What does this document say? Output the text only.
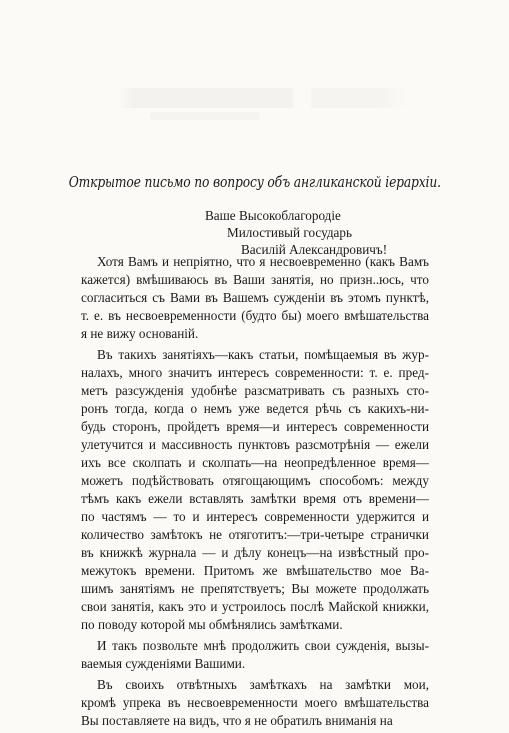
Открытое письмо по вопросу объ англиканской iерархiи.
Ваше Высокоблагородiе
Милостивый государь
Василiй Александровичъ!

Хотя Вамъ и непрiятно, что я несвоевременно (какъ Вамъ
кажется) вмѣшиваюсь въ Ваши занятiя, но призн..юсь, что
согласиться съ Вами въ Вашемъ сужденiи въ этомъ пунктѣ,
т. е. въ несвоевременности (будто бы) моего вмѣшательства
я не вижу основанiй.

Въ такихъ занятiяхъ—какъ статьи, помѣщаемыя въ жур-
налахъ, много значитъ интересъ современности: т. е. пред-
метъ разсужденiя удобнѣе разсматривать съ разныхъ сто-
ронъ тогда, когда о немъ уже ведется рѣчь съ какихъ-ни-
будь сторонъ, пройдетъ время—и интересъ современности
улетучится и массивность пунктовъ разсмотрѣнiя — ежели
ихъ все сколпать и сколпать—на неопредѣленное время—
можетъ подѣйствовать отягощающимъ способомъ: между
тѣмъ какъ ежели вставлять замѣтки время отъ времени—
по частямъ — то и интересъ современности удержится и
количество замѣтокъ не отяготитъ:—три-четыре странички
въ книжкѣ журнала — и дѣлу конецъ—на извѣстный про-
межутокъ времени. Притомъ же вмѣшательство мое Ва-
шимъ занятiямъ не препятствуетъ; Вы можете продолжать
свои занятiя, какъ это и устроилось послѣ Майской книжки,
по поводу которой мы обмѣнялись замѣтками.

И такъ позвольте мнѣ продолжить свои сужденiя, вызы-
ваемыя сужденiями Вашими.

Въ своихъ отвѣтныхъ замѣткахъ на замѣтки мои,
кромѣ упрека въ несвоевременности моего вмѣшательства
Вы поставляете на видъ, что я не обратилъ вниманiя на
